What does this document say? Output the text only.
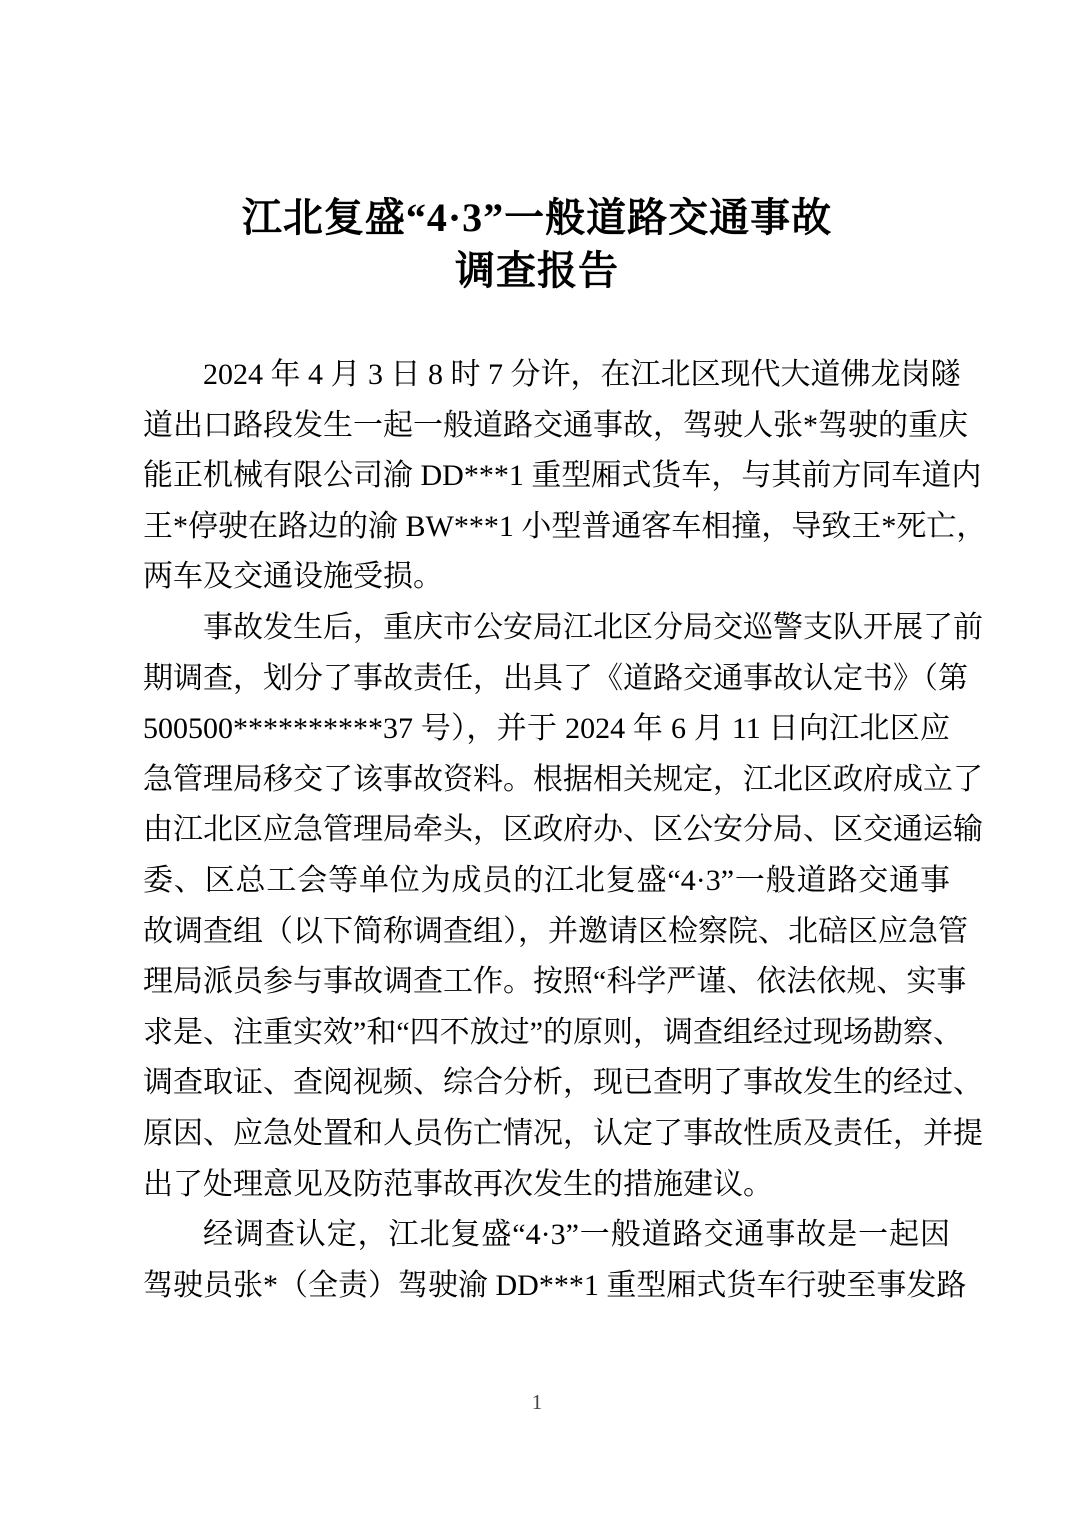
江北复盛“4·3”一般道路交通事故
调查报告
2024 年 4 月 3 日 8 时 7 分许，在江北区现代大道佛龙岗隧
道出口路段发生一起一般道路交通事故，驾驶人张*驾驶的重庆
能正机械有限公司渝 DD***1 重型厢式货车，与其前方同车道内
王*停驶在路边的渝 BW***1 小型普通客车相撞，导致王*死亡，
两车及交通设施受损。
事故发生后，重庆市公安局江北区分局交巡警支队开展了前
期调查，划分了事故责任，出具了《道路交通事故认定书》（第
500500**********37 号），并于 2024 年 6 月 11 日向江北区应
急管理局移交了该事故资料。根据相关规定，江北区政府成立了
由江北区应急管理局牵头，区政府办、区公安分局、区交通运输
委、区总工会等单位为成员的江北复盛“4·3”一般道路交通事
故调查组（以下简称调查组），并邀请区检察院、北碚区应急管
理局派员参与事故调查工作。按照“科学严谨、依法依规、实事
求是、注重实效”和“四不放过”的原则，调查组经过现场勘察、
调查取证、查阅视频、综合分析，现已查明了事故发生的经过、
原因、应急处置和人员伤亡情况，认定了事故性质及责任，并提
出了处理意见及防范事故再次发生的措施建议。
经调查认定，江北复盛“4·3”一般道路交通事故是一起因
驾驶员张*（全责）驾驶渝 DD***1 重型厢式货车行驶至事发路
1
